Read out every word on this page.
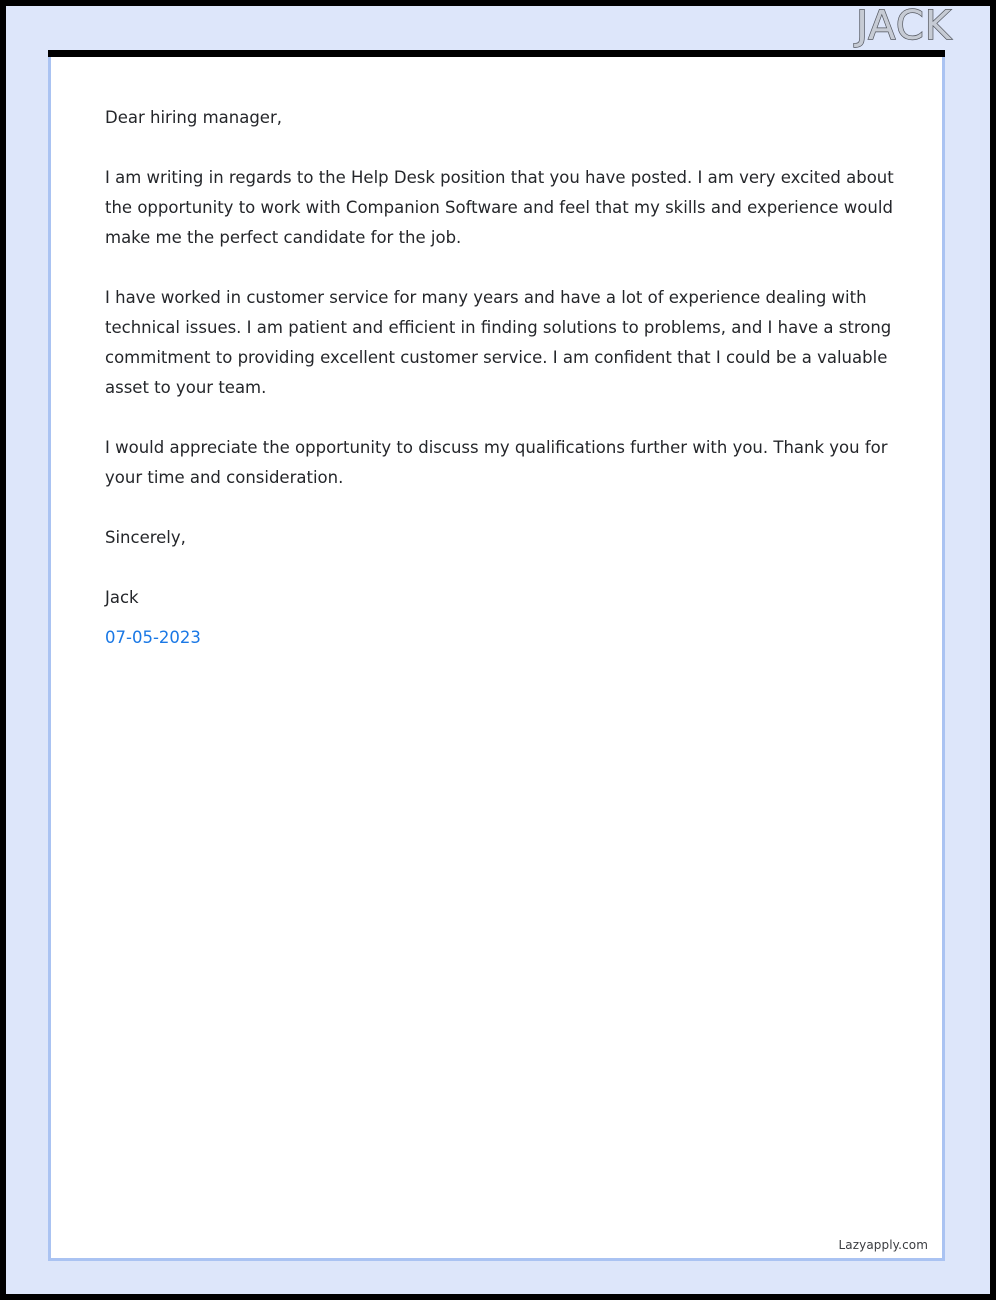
JACK

Dear hiring manager,

I am writing in regards to the Help Desk position that you have posted. I am very excited about the opportunity to work with Companion Software and feel that my skills and experience would make me the perfect candidate for the job.

I have worked in customer service for many years and have a lot of experience dealing with technical issues. I am patient and efficient in finding solutions to problems, and I have a strong commitment to providing excellent customer service. I am confident that I could be a valuable asset to your team.

I would appreciate the opportunity to discuss my qualifications further with you. Thank you for your time and consideration.

Sincerely,

Jack

07-05-2023

Lazyapply.com
